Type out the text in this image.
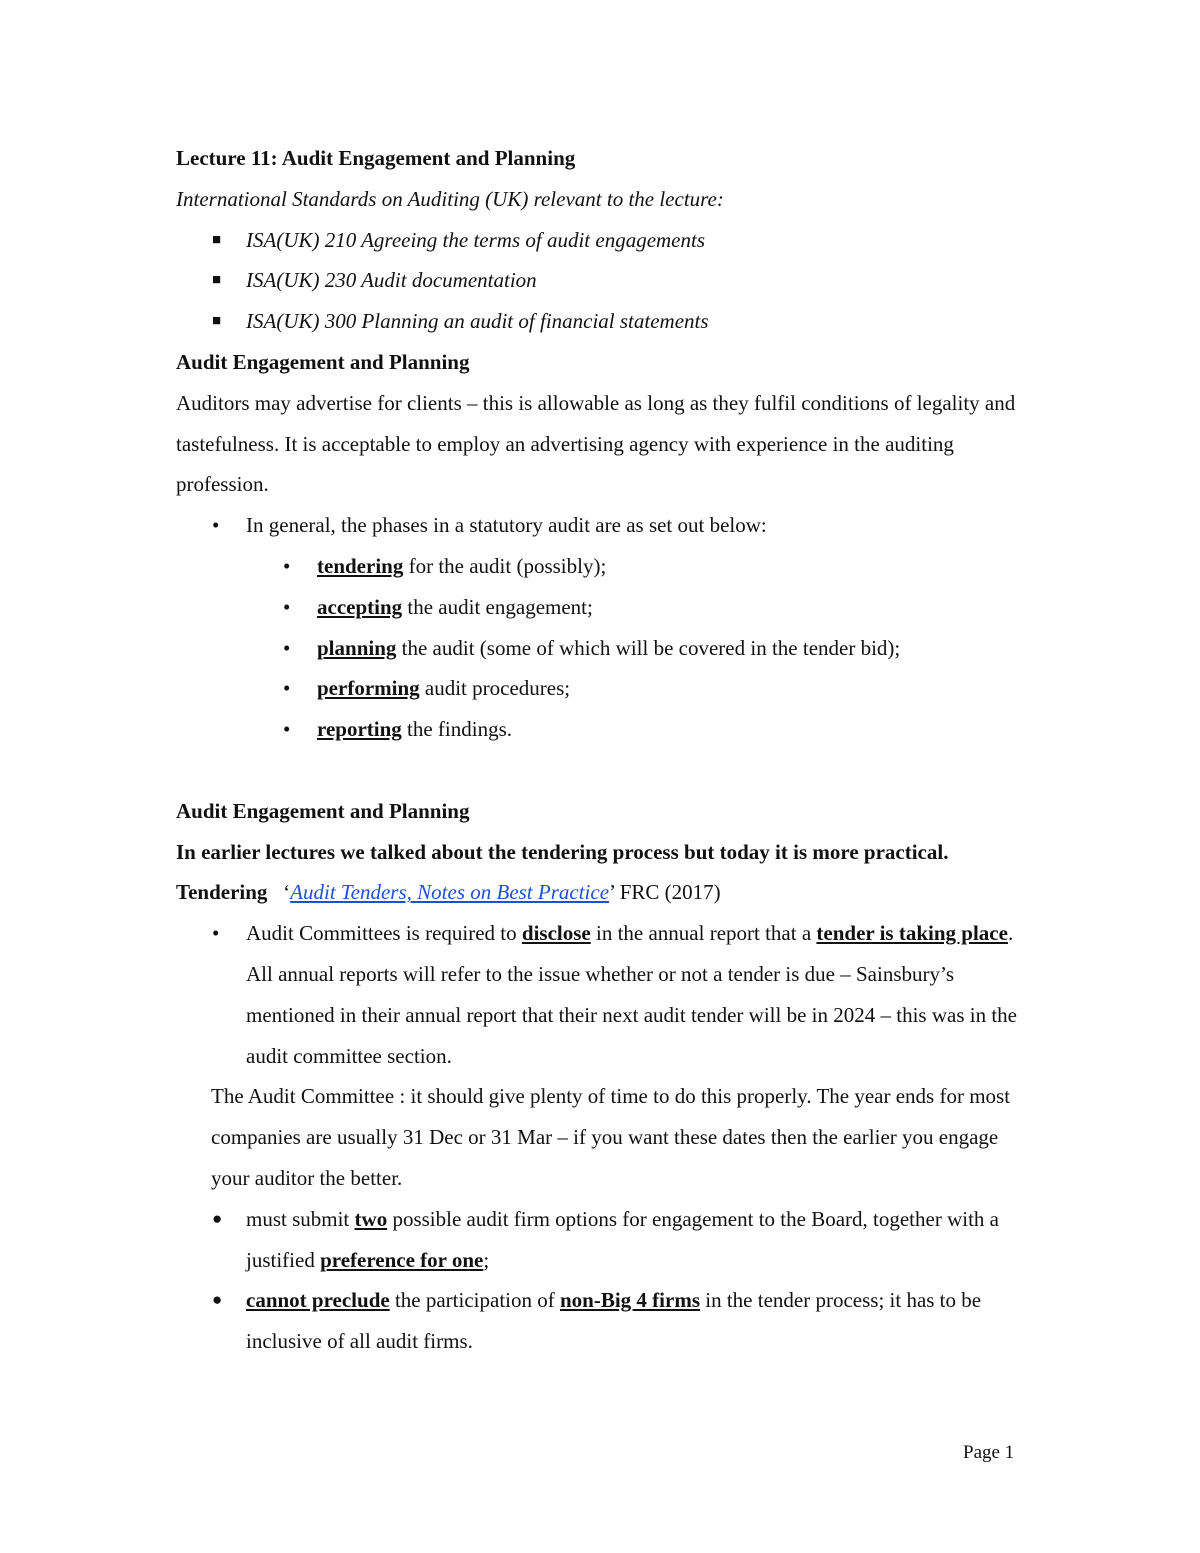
Lecture 11: Audit Engagement and Planning

International Standards on Auditing (UK) relevant to the lecture:

■ ISA(UK) 210 Agreeing the terms of audit engagements
■ ISA(UK) 230 Audit documentation
■ ISA(UK) 300 Planning an audit of financial statements

Audit Engagement and Planning

Auditors may advertise for clients – this is allowable as long as they fulfil conditions of legality and tastefulness. It is acceptable to employ an advertising agency with experience in the auditing profession.

• In general, the phases in a statutory audit are as set out below:
• tendering for the audit (possibly);
• accepting the audit engagement;
• planning the audit (some of which will be covered in the tender bid);
• performing audit procedures;
• reporting the findings.

Audit Engagement and Planning

In earlier lectures we talked about the tendering process but today it is more practical.

Tendering ‘Audit Tenders, Notes on Best Practice’ FRC (2017)

• Audit Committees is required to disclose in the annual report that a tender is taking place. All annual reports will refer to the issue whether or not a tender is due – Sainsbury’s mentioned in their annual report that their next audit tender will be in 2024 – this was in the audit committee section.

The Audit Committee : it should give plenty of time to do this properly. The year ends for most companies are usually 31 Dec or 31 Mar – if you want these dates then the earlier you engage your auditor the better.

● must submit two possible audit firm options for engagement to the Board, together with a justified preference for one;
● cannot preclude the participation of non-Big 4 firms in the tender process; it has to be inclusive of all audit firms.
Page 1
